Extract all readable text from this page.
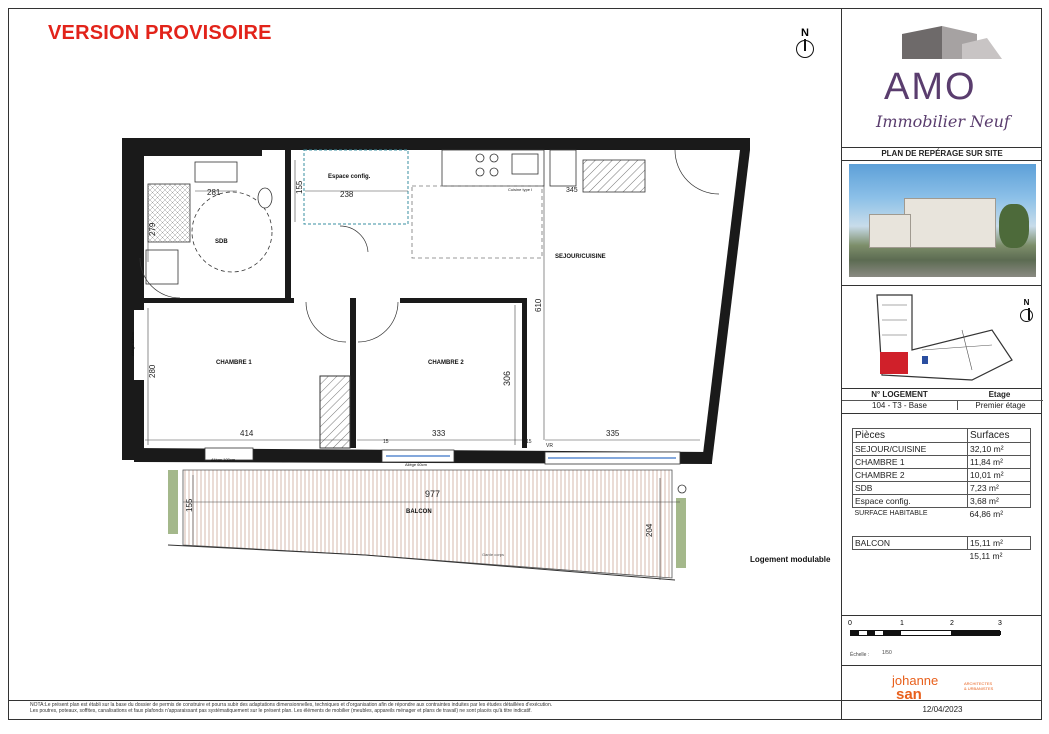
VERSION PROVISOIRE	N
281	238
155
279
610
306
280
414	333	335
977
155
204
345
VR
Espace config.
SDB
SEJOUR/CUISINE
CHAMBRE 1	CHAMBRE 2
BALCON
Cuisine type I
Allège 100cm
Allège 60cm
Allège 100cm
Garde corps
15	15
Logement modulable
NOTA:Le présent plan est établi sur la base du dossier de permis de construire et pourra subir des adaptations dimensionnelles, techniques et d'organisation afin de répondre aux contraintes induites par les études détaillées d'exécution.
Les poutres, poteaux, soffites, canalisations et faux plafonds n'apparaissant pas systématiquement sur le présent plan. Les éléments de mobilier (meubles, appareils ménager et plans de travail) ne sont placés qu'à titre indicatif.
AMO
Immobilier Neuf
PLAN DE REPÉRAGE SUR SITE
N
N° LOGEMENT	Etage
104 - T3 - Base	Premier étage
Pièces	Surfaces
SEJOUR/CUISINE	32,10 m²
CHAMBRE 1	11,84 m²
CHAMBRE 2	10,01 m²
SDB	7,23 m²
Espace config.	3,68 m²
SURFACE HABITABLE	64,86 m²
BALCON	15,11 m²
	15,11 m²
0	1	2	3
Échelle :	1/50
johanne
san
ARCHITECTES
& URBANISTES
12/04/2023
